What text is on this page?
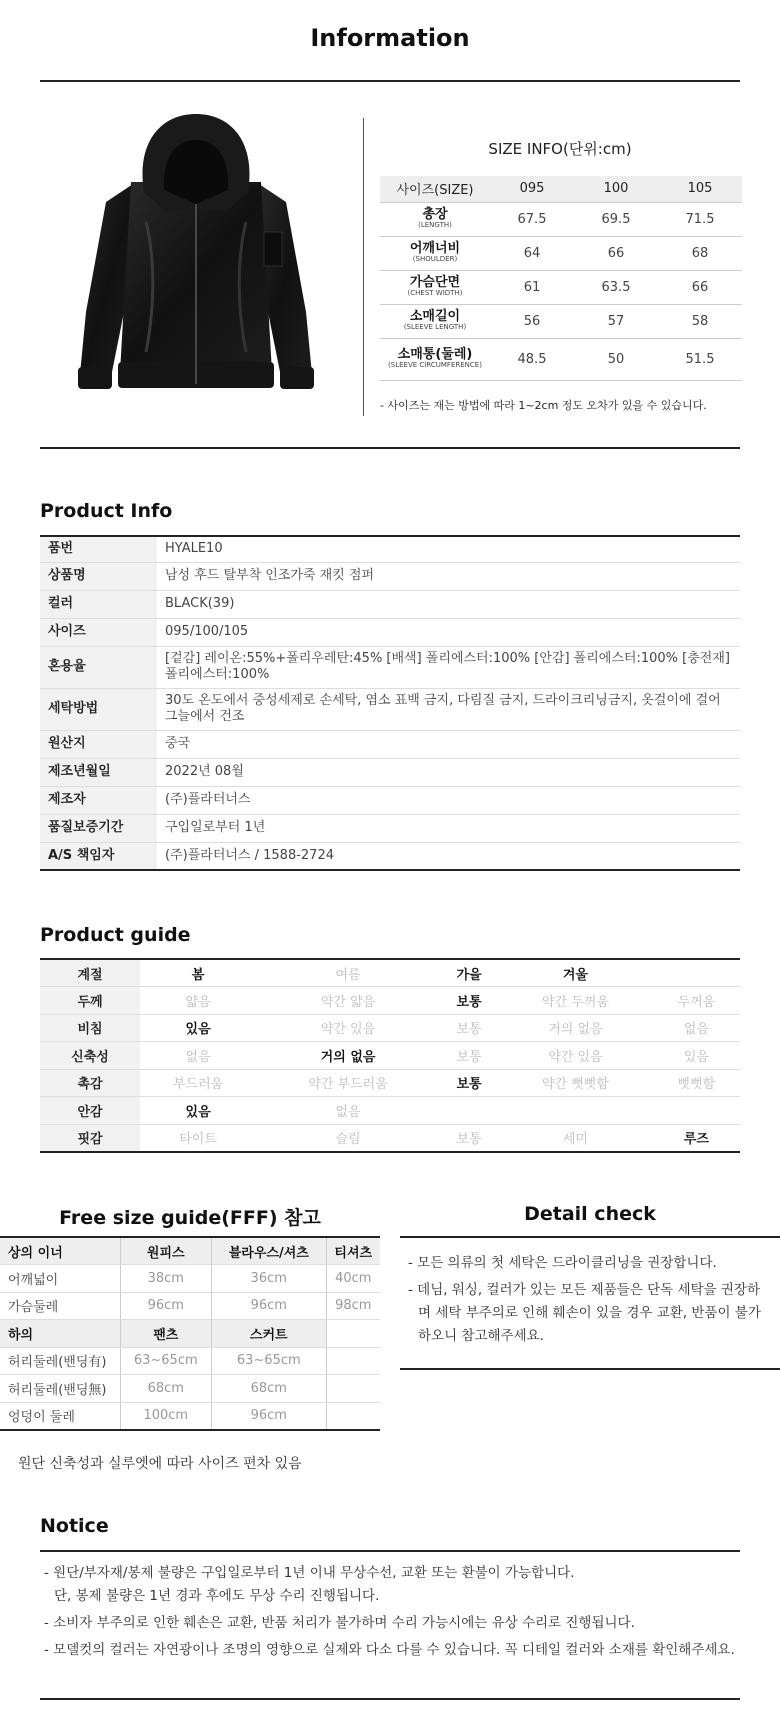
Information
SIZE INFO(단위:cm)
사이즈(SIZE)	095	100	105
총장
(LENGTH)	67.5	69.5	71.5
어깨너비
(SHOULDER)	64	66	68
가슴단면
(CHEST WIDTH)	61	63.5	66
소매길이
(SLEEVE LENGTH)	56	57	58
소매통(둘레)
(SLEEVE CIRCUMFERENCE)	48.5	50	51.5
- 사이즈는 재는 방법에 따라 1~2cm 정도 오차가 있을 수 있습니다.
Product Info
품번	HYALE10
상품명	남성 후드 탈부착 인조가죽 재킷 점퍼
컬러	BLACK(39)
사이즈	095/100/105
혼용율	[겉감] 레이온:55%+폴리우레탄:45% [배색] 폴리에스터:100% [안감] 폴리에스터:100% [충전재] 폴리에스터:100%
세탁방법	30도 온도에서 중성세제로 손세탁, 염소 표백 금지, 다림질 금지, 드라이크리닝금지, 옷걸이에 걸어 그늘에서 건조
원산지	중국
제조년월일	2022년 08월
제조자	(주)플라터너스
품질보증기간	구입일로부터 1년
A/S 책임자	(주)플라터너스 / 1588-2724
Product guide
계절	봄	여름	가을	겨울	
두께	얇음	약간 얇음	보통	약간 두꺼움	두꺼움
비침	있음	약간 있음	보통	거의 없음	없음
신축성	없음	거의 없음	보통	약간 있음	있음
촉감	부드러움	약간 부드러움	보통	약간 뻣뻣함	뻣뻣함
안감	있음	없음			
핏감	타이트	슬림	보통	세미	루즈
Free size guide(FFF) 참고
상의 이너	원피스	블라우스/셔츠	티셔츠
어깨넓이	38cm	36cm	40cm
가슴둘레	96cm	96cm	98cm
하의	팬츠	스커트	
허리둘레(밴딩有)	63~65cm	63~65cm	
허리둘레(밴딩無)	68cm	68cm	
엉덩이 둘레	100cm	96cm	
원단 신축성과 실루엣에 따라 사이즈 편차 있음
Detail check
- 모든 의류의 첫 세탁은 드라이클리닝을 권장합니다.
- 데님, 워싱, 컬러가 있는 모든 제품들은 단독 세탁을 권장하며 세탁 부주의로 인해 훼손이 있을 경우 교환, 반품이 불가하오니 참고해주세요.
Notice
- 원단/부자재/봉제 불량은 구입일로부터 1년 이내 무상수선, 교환 또는 환불이 가능합니다.
단, 봉제 불량은 1년 경과 후에도 무상 수리 진행됩니다.
- 소비자 부주의로 인한 훼손은 교환, 반품 처리가 불가하며 수리 가능시에는 유상 수리로 진행됩니다.
- 모델컷의 컬러는 자연광이나 조명의 영향으로 실제와 다소 다를 수 있습니다. 꼭 디테일 컬러와 소재를 확인해주세요.
